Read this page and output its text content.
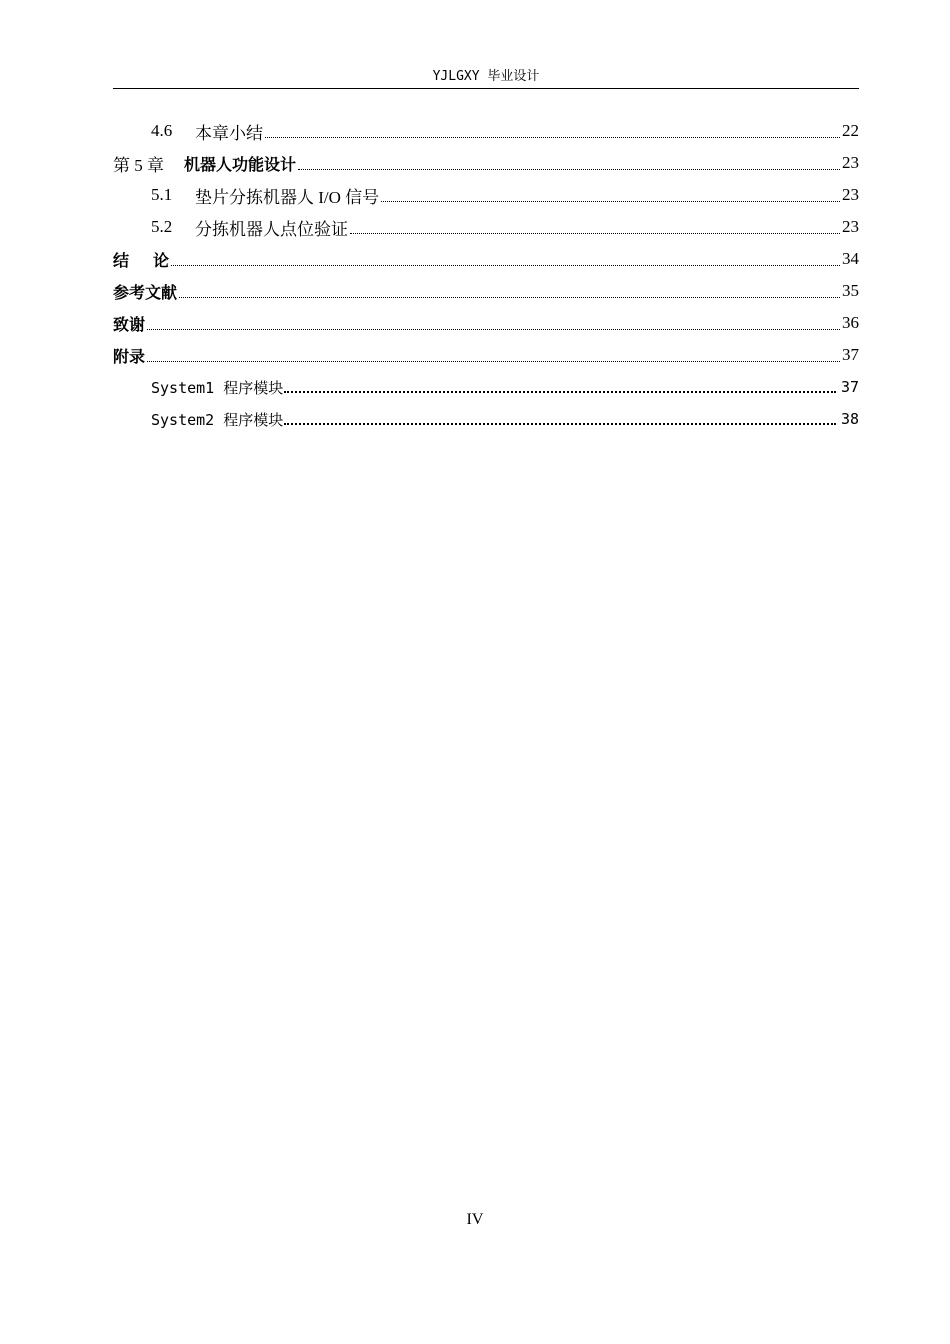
YJLGXY 毕业设计
4.6	本章小结	22
第 5 章 机器人功能设计	23
5.1	垫片分拣机器人 I/O 信号	23
5.2	分拣机器人点位验证	23
结论	34
参考文献	35
致谢	36
附录	37
System1 程序模块	37
System2 程序模块	38
IV
